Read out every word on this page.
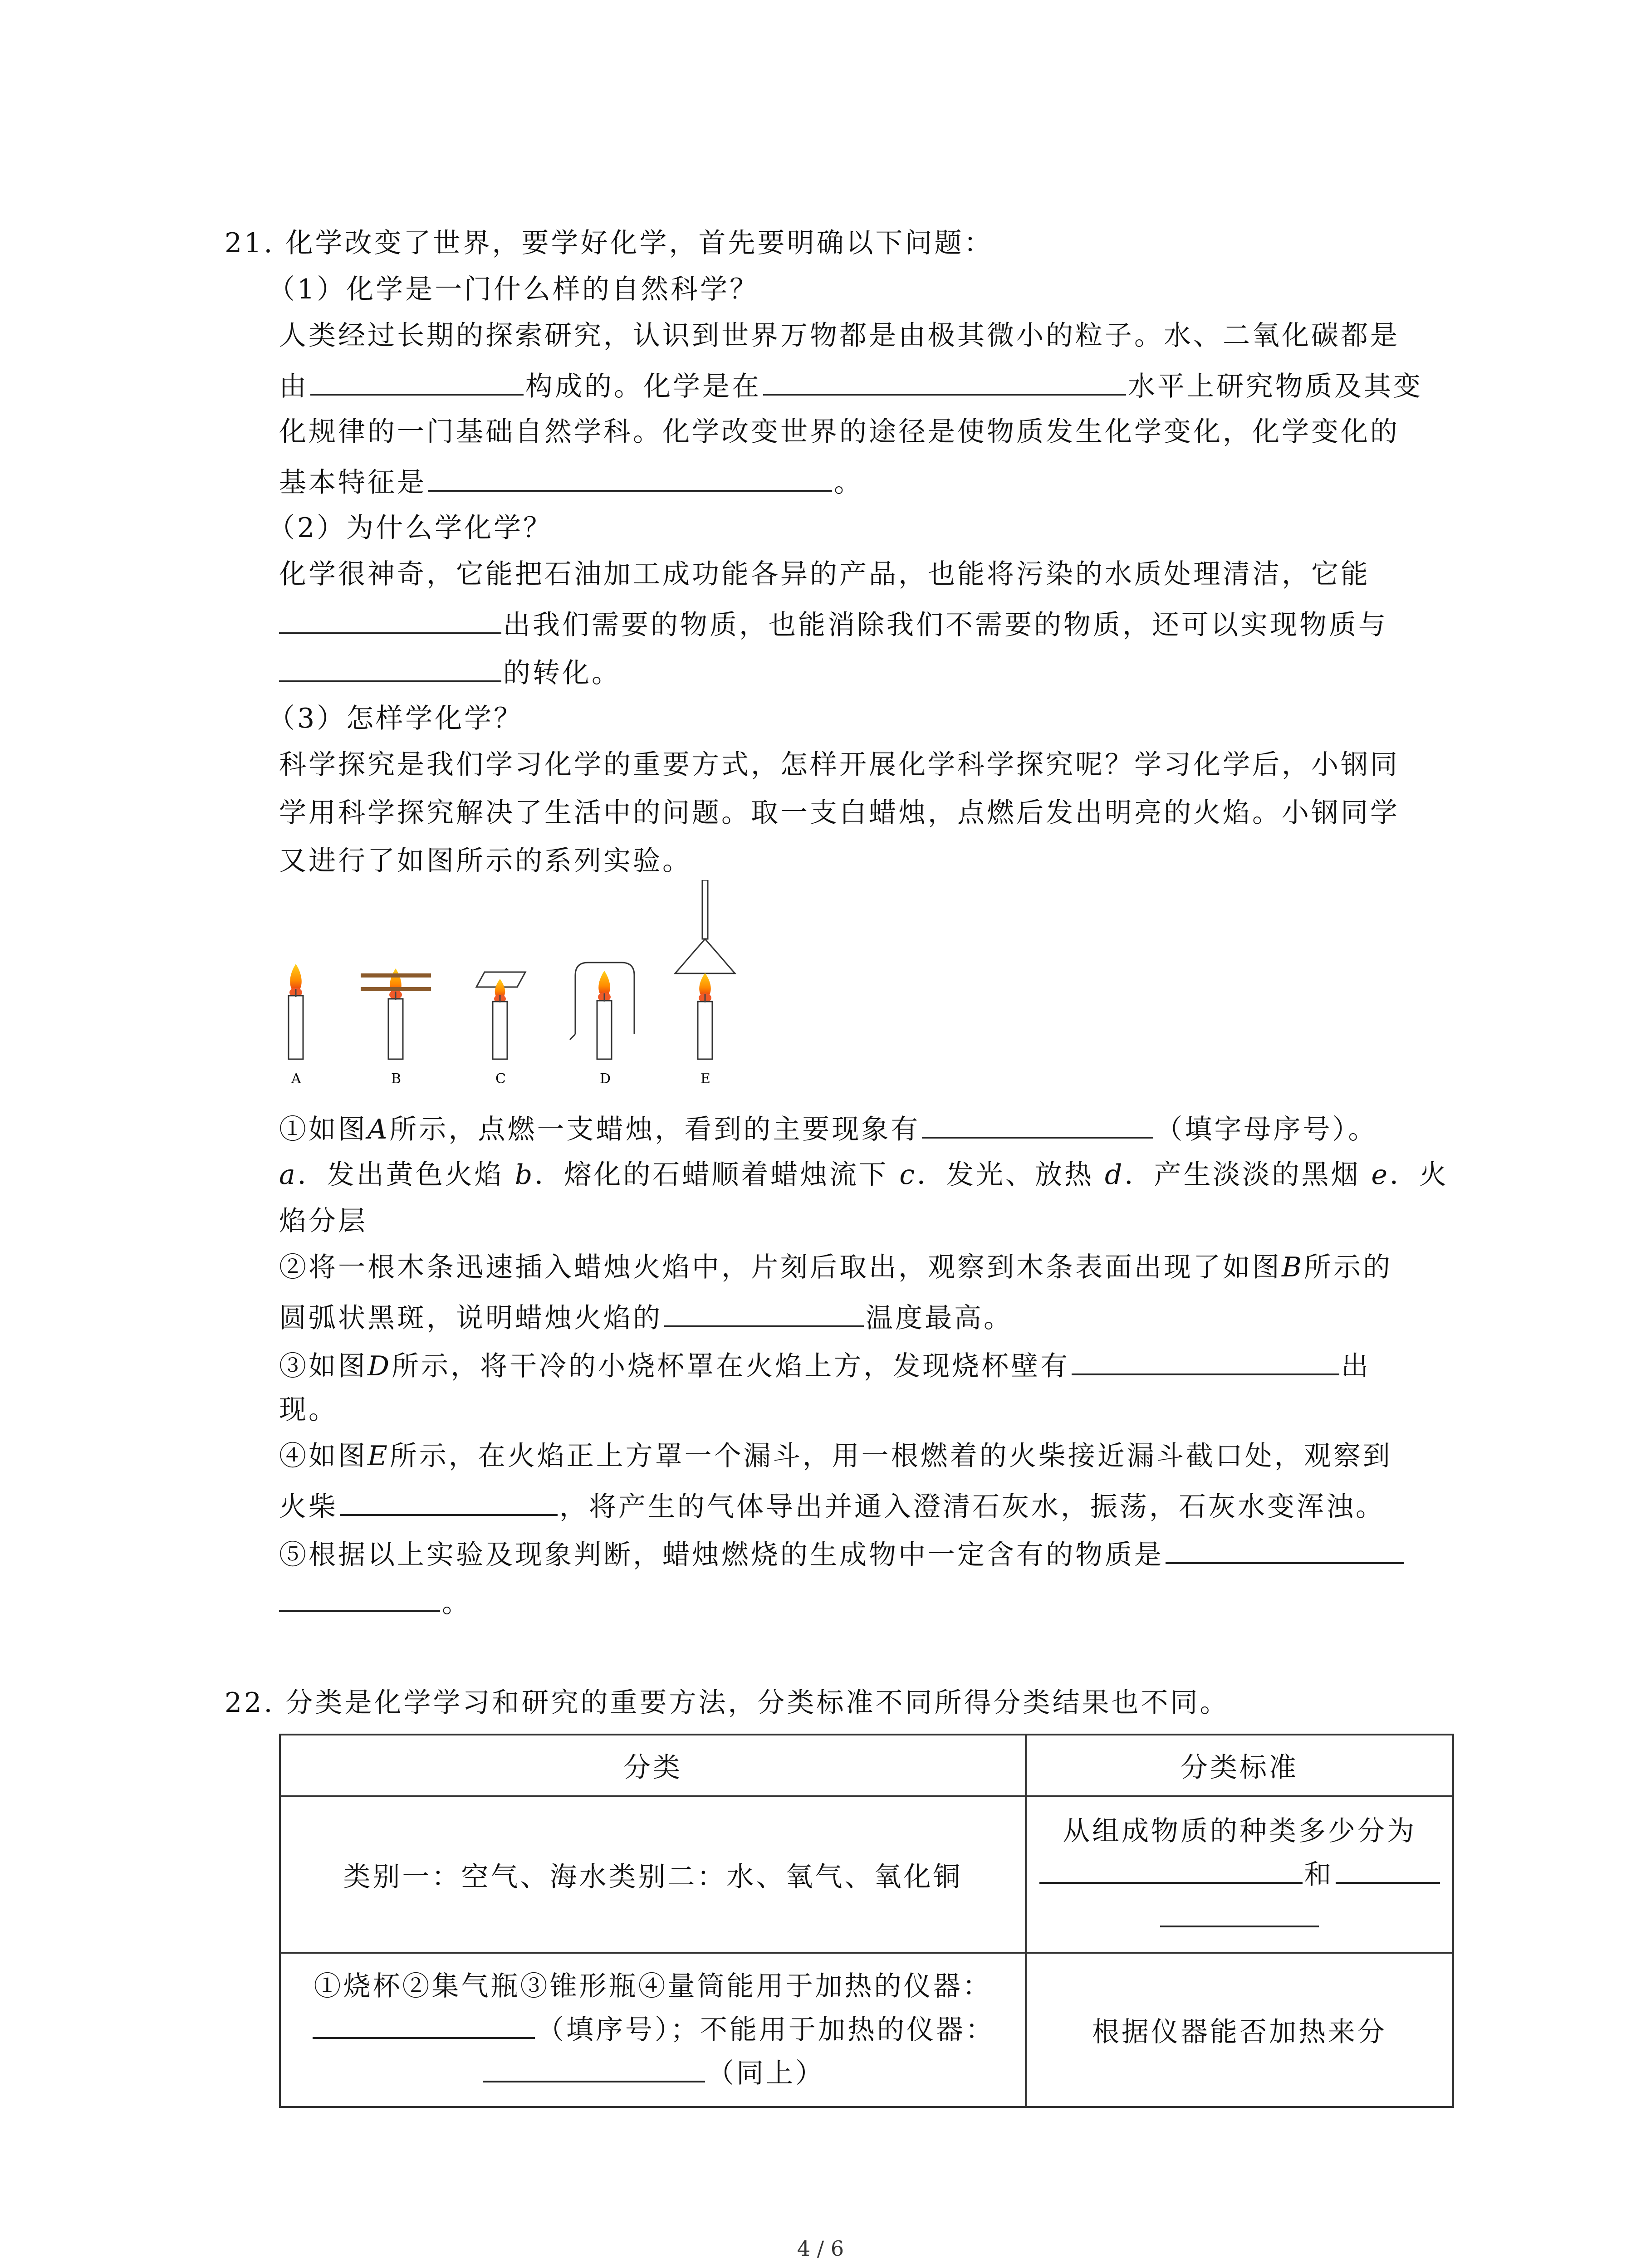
21. 化学改变了世界，要学好化学，首先要明确以下问题：
（1）化学是一门什么样的自然科学？
人类经过长期的探索研究，认识到世界万物都是由极其微小的粒子。水、二氧化碳都是
由	构成的。化学是在	水平上研究物质及其变
化规律的一门基础自然学科。化学改变世界的途径是使物质发生化学变化，化学变化的
基本特征是	。
（2）为什么学化学？
化学很神奇，它能把石油加工成功能各异的产品，也能将污染的水质处理清洁，它能
出我们需要的物质，也能消除我们不需要的物质，还可以实现物质与
的转化。
（3）怎样学化学？
科学探究是我们学习化学的重要方式，怎样开展化学科学探究呢？学习化学后，小钢同
学用科学探究解决了生活中的问题。取一支白蜡烛，点燃后发出明亮的火焰。小钢同学
又进行了如图所示的系列实验。
A	B	C	D	E
①如图A所示，点燃一支蜡烛，看到的主要现象有	（填字母序号）。
a．发出黄色火焰 b．熔化的石蜡顺着蜡烛流下 c．发光、放热 d．产生淡淡的黑烟 e．火
焰分层
②将一根木条迅速插入蜡烛火焰中，片刻后取出，观察到木条表面出现了如图B所示的
圆弧状黑斑，说明蜡烛火焰的	温度最高。
③如图D所示，将干冷的小烧杯罩在火焰上方，发现烧杯壁有	出
现。
④如图E所示，在火焰正上方罩一个漏斗，用一根燃着的火柴接近漏斗截口处，观察到
火柴	，将产生的气体导出并通入澄清石灰水，振荡，石灰水变浑浊。
⑤根据以上实验及现象判断，蜡烛燃烧的生成物中一定含有的物质是
。
22. 分类是化学学习和研究的重要方法，分类标准不同所得分类结果也不同。
分类	分类标准
类别一：空气、海水类别二：水、氧气、氧化铜	从组成物质的种类多少分为
和

①烧杯②集气瓶③锥形瓶④量筒能用于加热的仪器：
（填序号）；不能用于加热的仪器：
（同上）	根据仪器能否加热来分
4 / 6
